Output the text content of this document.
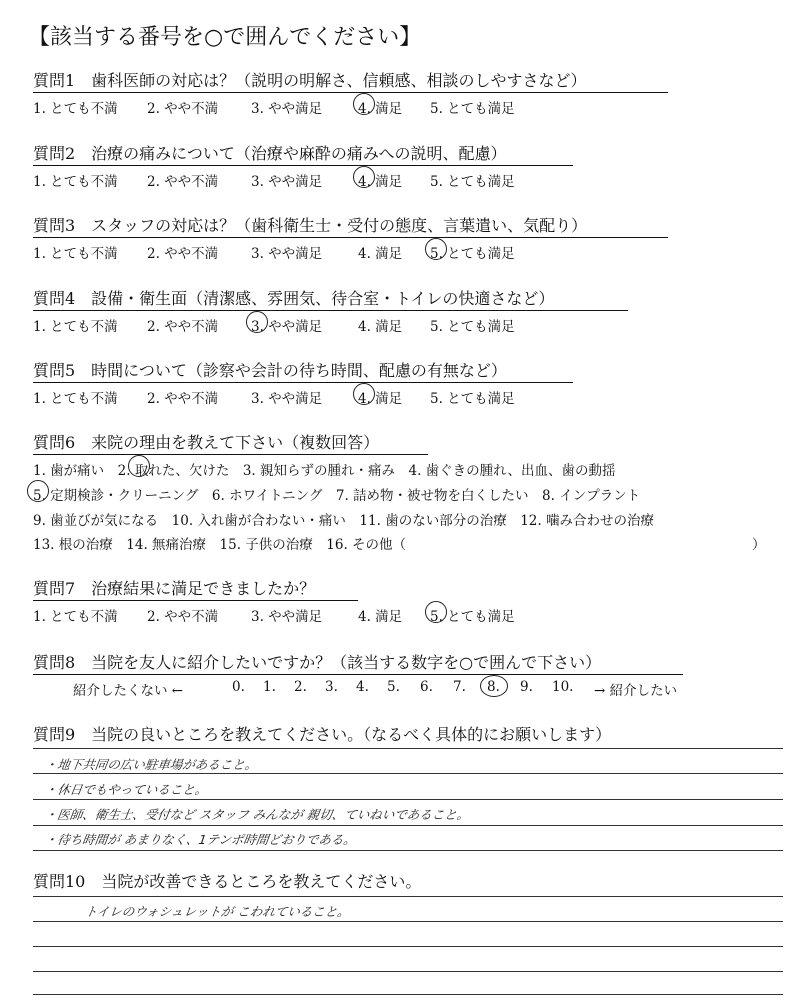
【該当する番号を○で囲んでください】
質問1　歯科医師の対応は？（説明の明解さ、信頼感、相談のしやすさなど）
1. とても不満 2. やや不満 3. やや満足	4. 満足 5. とても満足
質問2　治療の痛みについて（治療や麻酔の痛みへの説明、配慮）
1. とても不満 2. やや不満 3. やや満足	4. 満足 5. とても満足
質問3　スタッフの対応は？（歯科衛生士・受付の態度、言葉遣い、気配り）
1. とても不満 2. やや不満 3. やや満足	4. 満足 5. とても満足
質問4　設備・衛生面（清潔感、雰囲気、待合室・トイレの快適さなど）
1. とても不満 2. やや不満 3. やや満足	4. 満足 5. とても満足
質問5　時間について（診察や会計の待ち時間、配慮の有無など）
1. とても不満 2. やや不満 3. やや満足	4. 満足 5. とても満足
質問6　来院の理由を教えて下さい（複数回答）
1. 歯が痛い　2. 取れた、欠けた　3. 親知らずの腫れ・痛み　4. 歯ぐきの腫れ、出血、歯の動揺
5. 定期検診・クリーニング　6. ホワイトニング　7. 詰め物・被せ物を白くしたい　8. インプラント
9. 歯並びが気になる　10. 入れ歯が合わない・痛い　11. 歯のない部分の治療　12. 噛み合わせの治療
13. 根の治療　14. 無痛治療　15. 子供の治療　16. その他（	）
質問7　治療結果に満足できましたか？
1. とても不満 2. やや不満 3. やや満足	4. 満足 5. とても満足
質問8　当院を友人に紹介したいですか？（該当する数字を○で囲んで下さい）
紹介したくない ←	0. 1. 2. 3. 4. 5. 6. 7. 8. 9. 10. → 紹介したい
質問9　当院の良いところを教えてください。（なるべく具体的にお願いします）
・地下共同の広い駐車場があること。
・休日でもやっていること。
・医師、衛生士、受付など スタッフ みんなが 親切、ていねいであること。
・待ち時間が あまりなく、1テンポ時間どおりである。
質問10　当院が改善できるところを教えてください。
トイレのウォシュレットが こわれていること。
